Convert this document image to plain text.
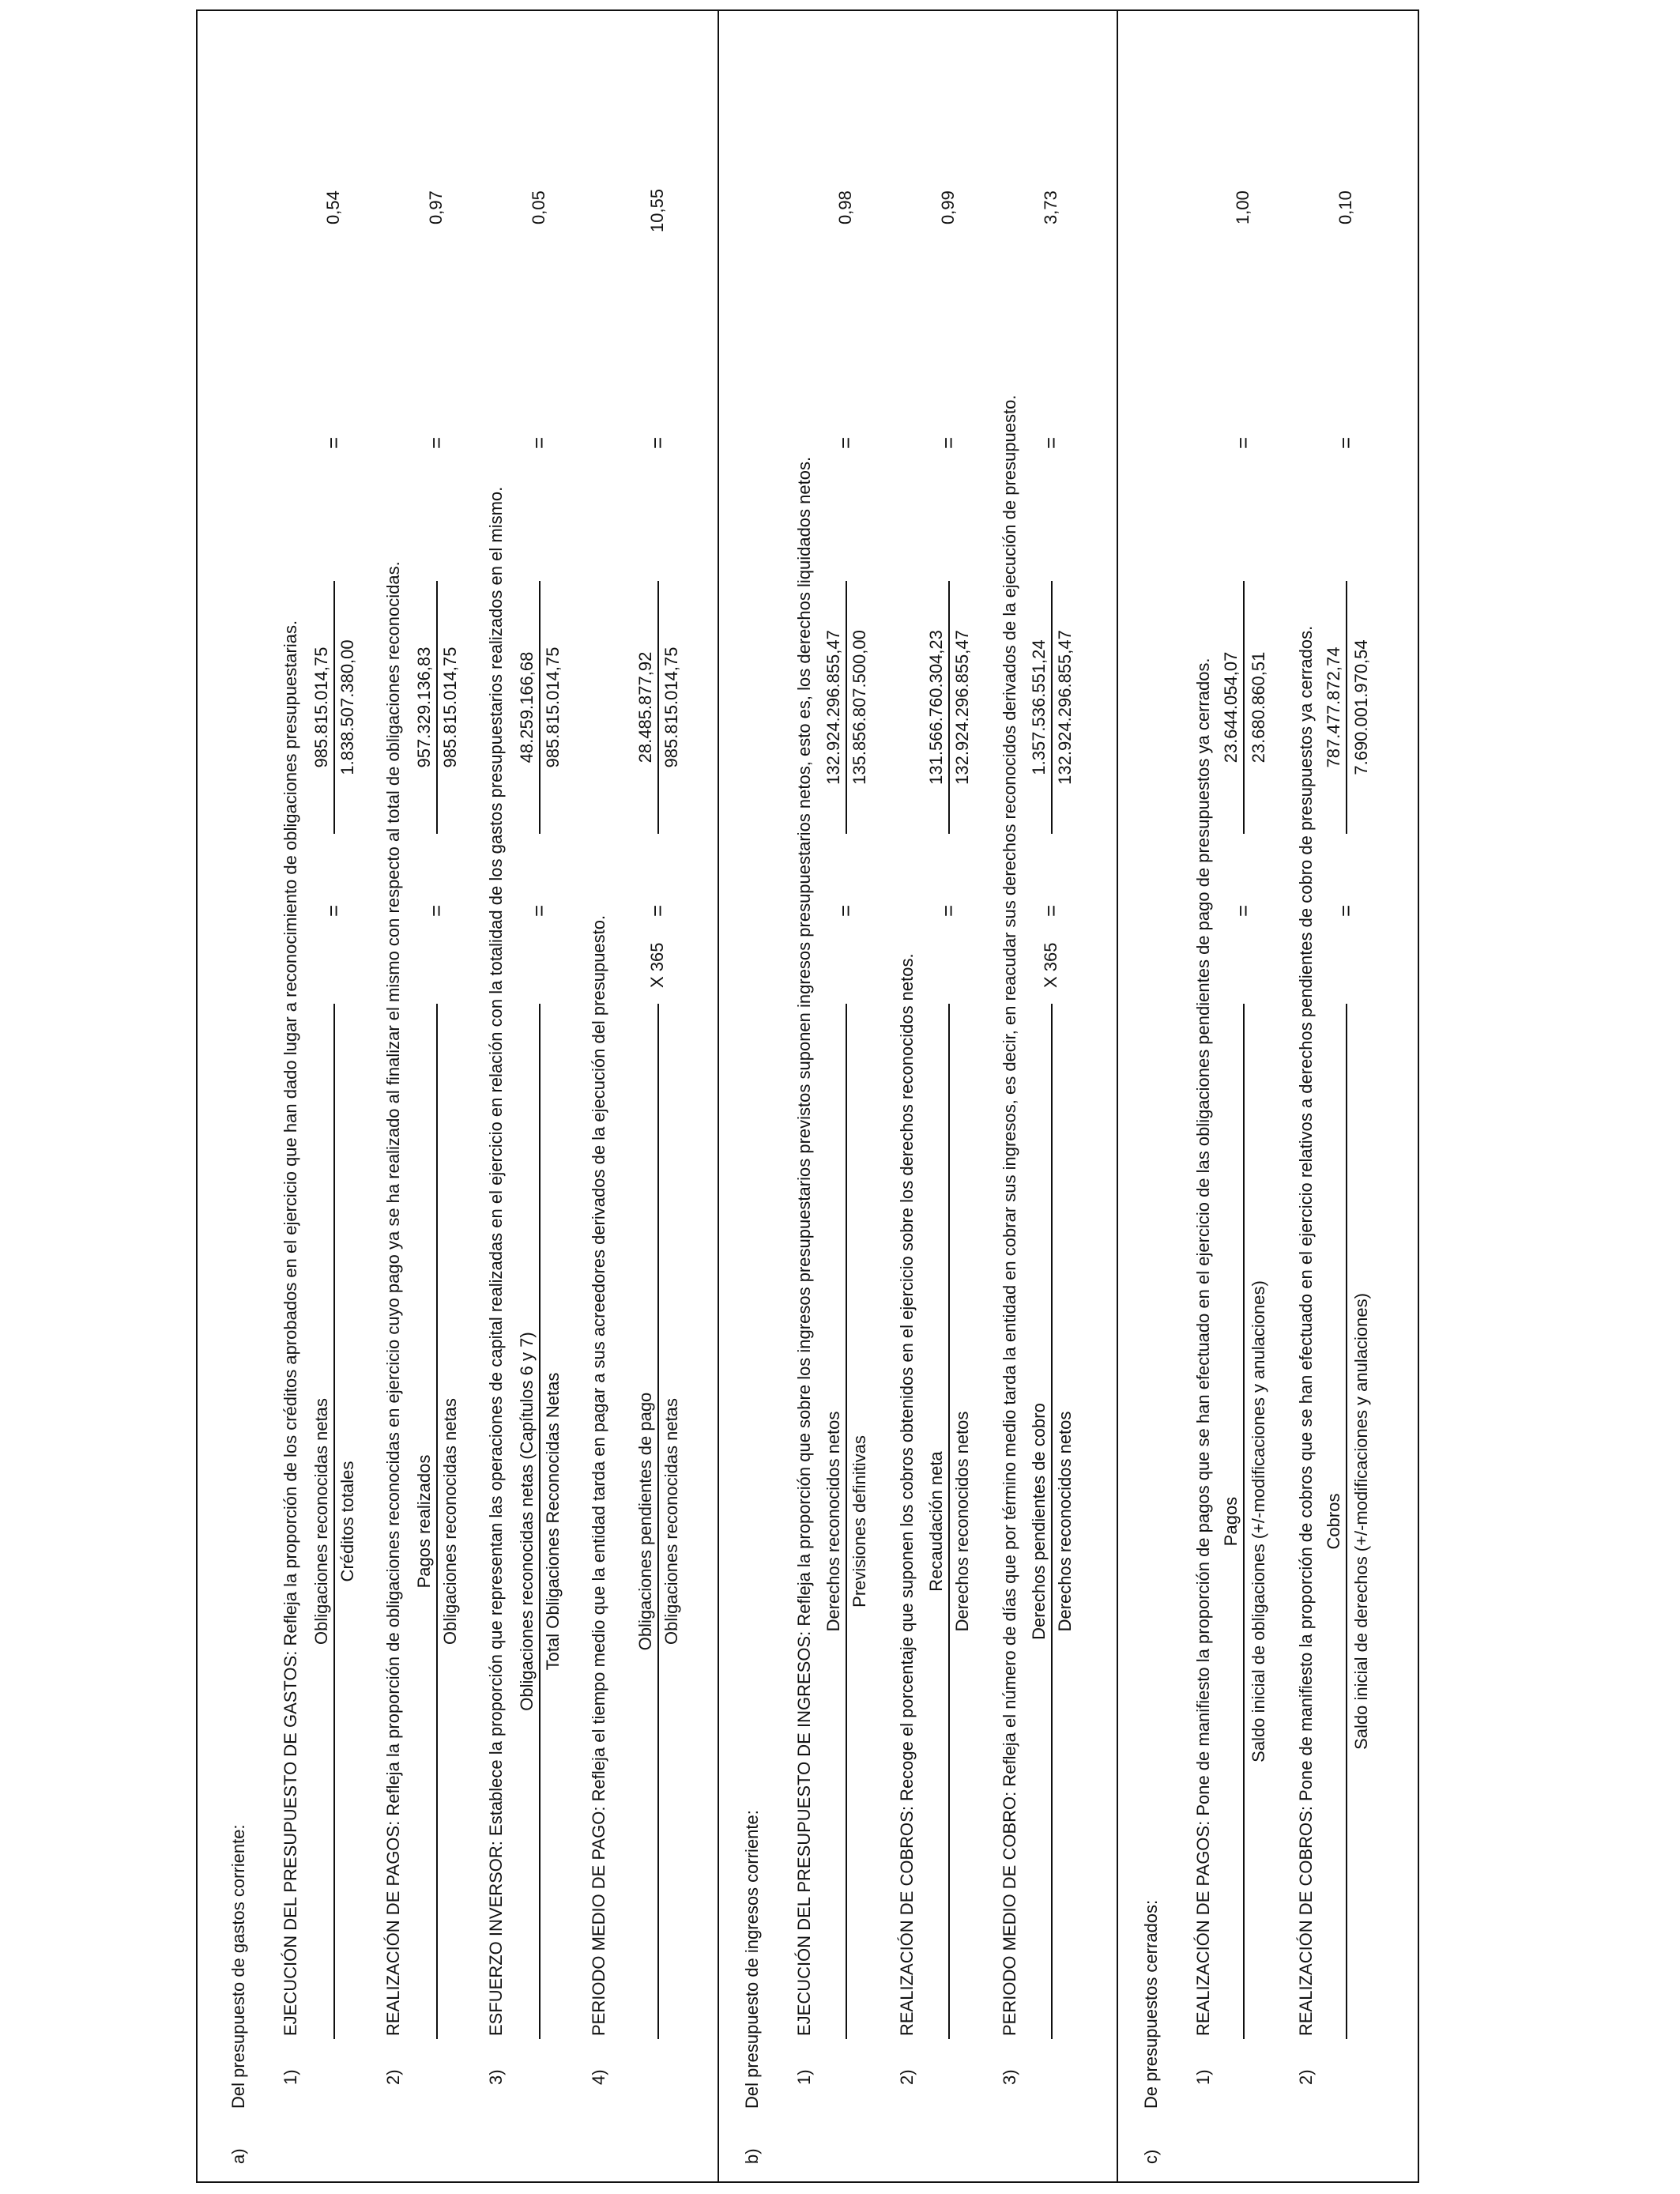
a)
Del presupuesto de gastos corriente: 1)
EJECUCIÓN DEL PRESUPUESTO DE GASTOS: Refleja la proporción de los créditos aprobados en el ejercicio que han dado lugar a reconocimiento de obligaciones presupuestarias. Obligaciones reconocidas netas Créditos totales
=
985.815.014,75 1.838.507.380,00
=
0,54
2)
REALIZACIÓN DE PAGOS: Refleja la proporción de obligaciones reconocidas en ejercicio cuyo pago ya se ha realizado al finalizar el mismo con respecto al total de obligaciones reconocidas. Pagos realizados Obligaciones reconocidas netas
=
957.329.136,83 985.815.014,75
=
0,97
3)
ESFUERZO INVERSOR: Establece la proporción que representan las operaciones de capital realizadas en el ejercicio en relación con la totalidad de los gastos presupuestarios realizados en el mismo. Obligaciones reconocidas netas (Capítulos 6 y 7) Total Obligaciones Reconocidas Netas
=
48.259.166,68 985.815.014,75
=
0,05
4)
PERIODO MEDIO DE PAGO: Refleja el tiempo medio que la entidad tarda en pagar a sus acreedores derivados de la ejecución del presupuesto. Obligaciones pendientes de pago Obligaciones reconocidas netas
X 365
=
28.485.877,92 985.815.014,75
=
10,55
b)
Del presupuesto de ingresos corriente: 1)
EJECUCIÓN DEL PRESUPUESTO DE INGRESOS: Refleja la proporción que sobre los ingresos presupuestarios previstos suponen ingresos presupuestarios netos, esto es, los derechos liquidados netos. Derechos reconocidos netos Previsiones definitivas
=
132.924.296.855,47 135.856.807.500,00
=
0,98
2)
REALIZACIÓN DE COBROS: Recoge el porcentaje que suponen los cobros obtenidos en el ejercicio sobre los derechos reconocidos netos. Recaudación neta Derechos reconocidos netos
=
131.566.760.304,23 132.924.296.855,47
=
0,99
3)
PERIODO MEDIO DE COBRO: Refleja el número de días que por término medio tarda la entidad en cobrar sus ingresos, es decir, en reacudar sus derechos reconocidos derivados de la ejecución de presupuesto. Derechos pendientes de cobro Derechos reconocidos netos
X 365
=
1.357.536.551,24 132.924.296.855,47
=
3,73
c)
De presupuestos cerrados: 1)
REALIZACIÓN DE PAGOS: Pone de manifiesto la proporción de pagos que se han efectuado en el ejercicio de las obligaciones pendientes de pago de presupuestos ya cerrados. Pagos Saldo inicial de obligaciones (+/-modificaciones y anulaciones)
=
23.644.054,07 23.680.860,51
=
1,00
2)
REALIZACIÓN DE COBROS: Pone de manifiesto la proporción de cobros que se han efectuado en el ejercicio relativos a derechos pendientes de cobro de presupuestos ya cerrados. Cobros Saldo inicial de derechos (+/-modificaciones y anulaciones)
=
787.477.872,74 7.690.001.970,54
=
0,10
